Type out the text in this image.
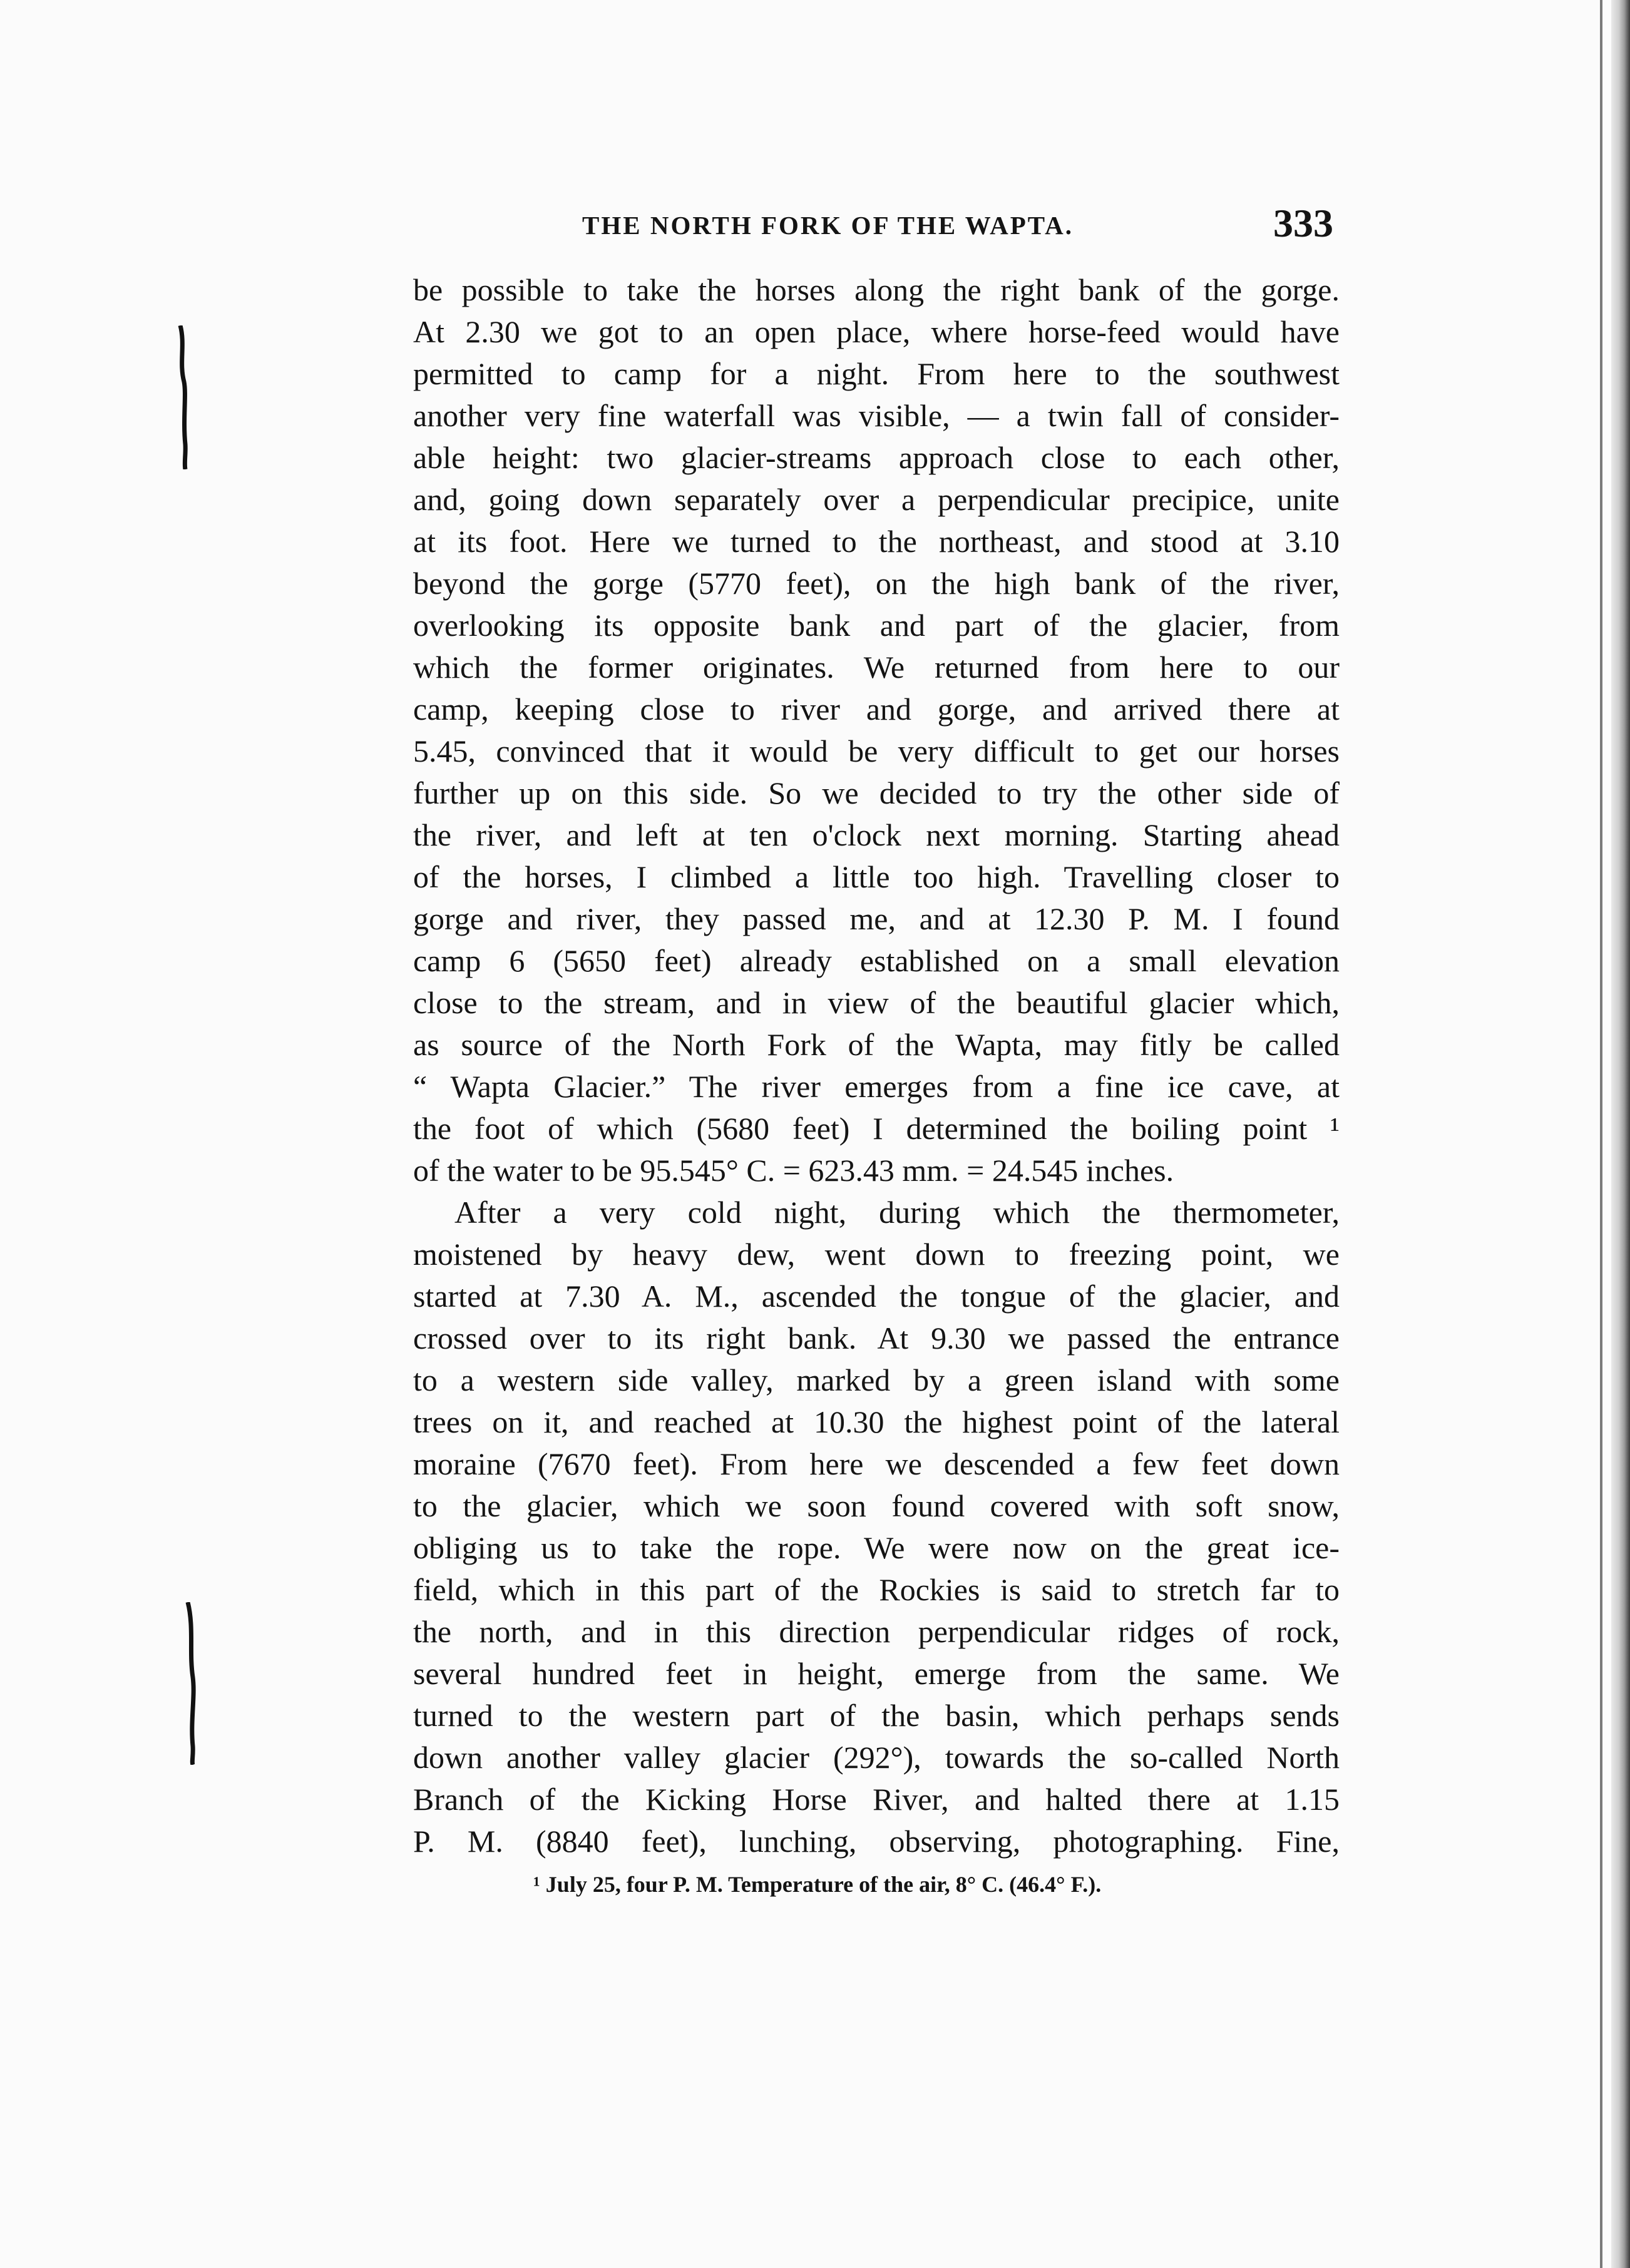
THE NORTH FORK OF THE WAPTA.	333
be possible to take the horses along the right bank of the gorge.
At 2.30 we got to an open place, where horse-feed would have
permitted to camp for a night. From here to the southwest
another very fine waterfall was visible, — a twin fall of consider-
able height: two glacier-streams approach close to each other,
and, going down separately over a perpendicular precipice, unite
at its foot. Here we turned to the northeast, and stood at 3.10
beyond the gorge (5770 feet), on the high bank of the river,
overlooking its opposite bank and part of the glacier, from
which the former originates. We returned from here to our
camp, keeping close to river and gorge, and arrived there at
5.45, convinced that it would be very difficult to get our horses
further up on this side. So we decided to try the other side of
the river, and left at ten o'clock next morning. Starting ahead
of the horses, I climbed a little too high. Travelling closer to
gorge and river, they passed me, and at 12.30 P. M. I found
camp 6 (5650 feet) already established on a small elevation
close to the stream, and in view of the beautiful glacier which,
as source of the North Fork of the Wapta, may fitly be called
“ Wapta Glacier.” The river emerges from a fine ice cave, at
the foot of which (5680 feet) I determined the boiling point ¹
of the water to be 95.545° C. = 623.43 mm. = 24.545 inches.
After a very cold night, during which the thermometer,
moistened by heavy dew, went down to freezing point, we
started at 7.30 A. M., ascended the tongue of the glacier, and
crossed over to its right bank. At 9.30 we passed the entrance
to a western side valley, marked by a green island with some
trees on it, and reached at 10.30 the highest point of the lateral
moraine (7670 feet). From here we descended a few feet down
to the glacier, which we soon found covered with soft snow,
obliging us to take the rope. We were now on the great ice-
field, which in this part of the Rockies is said to stretch far to
the north, and in this direction perpendicular ridges of rock,
several hundred feet in height, emerge from the same. We
turned to the western part of the basin, which perhaps sends
down another valley glacier (292°), towards the so-called North
Branch of the Kicking Horse River, and halted there at 1.15
P. M. (8840 feet), lunching, observing, photographing. Fine,
¹ July 25, four P. M. Temperature of the air, 8° C. (46.4° F.).
